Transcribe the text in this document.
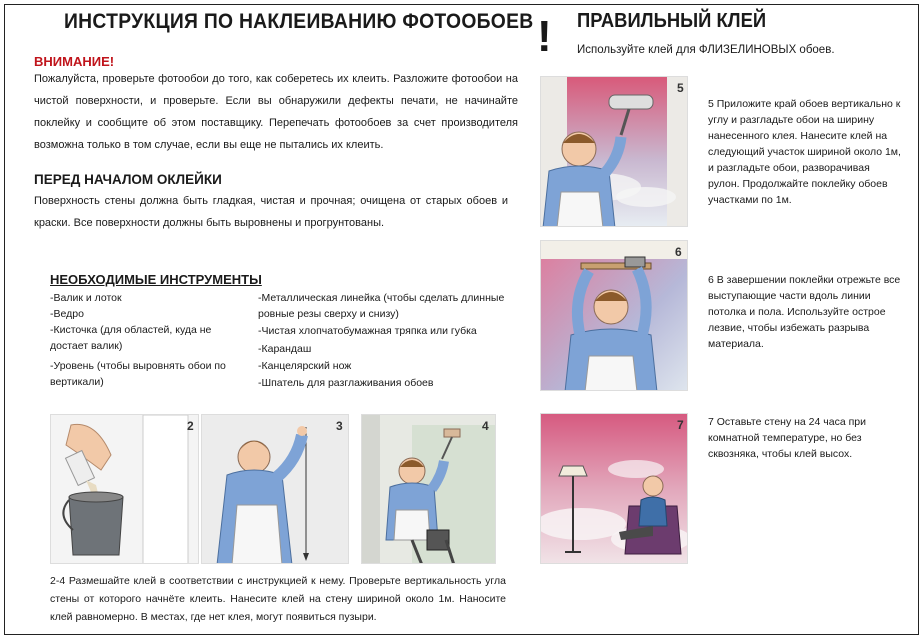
ИНСТРУКЦИЯ ПО НАКЛЕИВАНИЮ ФОТООБОЕВ
ВНИМАНИЕ!
Пожалуйста, проверьте фотообои до того, как соберетесь их клеить. Разложите фотообои на чистой поверхности, и проверьте. Если вы обнаружили дефекты печати, не начинайте поклейку и сообщите об этом поставщику. Перепечать фотообоев за счет производителя возможна только в том случае, если вы еще не пытались их клеить.
ПЕРЕД НАЧАЛОМ ОКЛЕЙКИ
Поверхность стены должна быть гладкая, чистая и прочная; очищена от старых обоев и краски. Все поверхности должны быть выровнены и прогрунтованы.
НЕОБХОДИМЫЕ ИНСТРУМЕНТЫ
-Валик и лоток
-Ведро
-Кисточка (для областей, куда не достает валик)
-Уровень (чтобы выровнять обои по вертикали)
-Металлическая линейка (чтобы сделать длинные ровные резы сверху и снизу)
-Чистая хлопчатобумажная тряпка или губка
-Карандаш
-Канцелярский нож
-Шпатель для разглаживания обоев
2	3	4
2-4 Размешайте клей в соответствии с инструкцией к нему. Проверьте вертикальность угла стены от которого начнёте клеить. Нанесите клей на стену шириной около 1м. Наносите клей равномерно. В местах, где нет клея, могут появиться пузыри.
! ПРАВИЛЬНЫЙ КЛЕЙ
Используйте клей для ФЛИЗЕЛИНОВЫХ обоев.
5
5 Приложите край обоев вертикально к углу и разгладьте обои на ширину нанесенного клея. Нанесите клей на следующий участок шириной около 1м, и разгладьте обои, разворачивая рулон. Продолжайте поклейку обоев участками по 1м.
6
6 В завершении поклейки отрежьте все выступающие части вдоль линии потолка и пола. Используйте острое лезвие, чтобы избежать разрыва материала.
7 7 Оставьте стену на 24 часа при комнатной температуре, но без сквозняка, чтобы клей высох.
